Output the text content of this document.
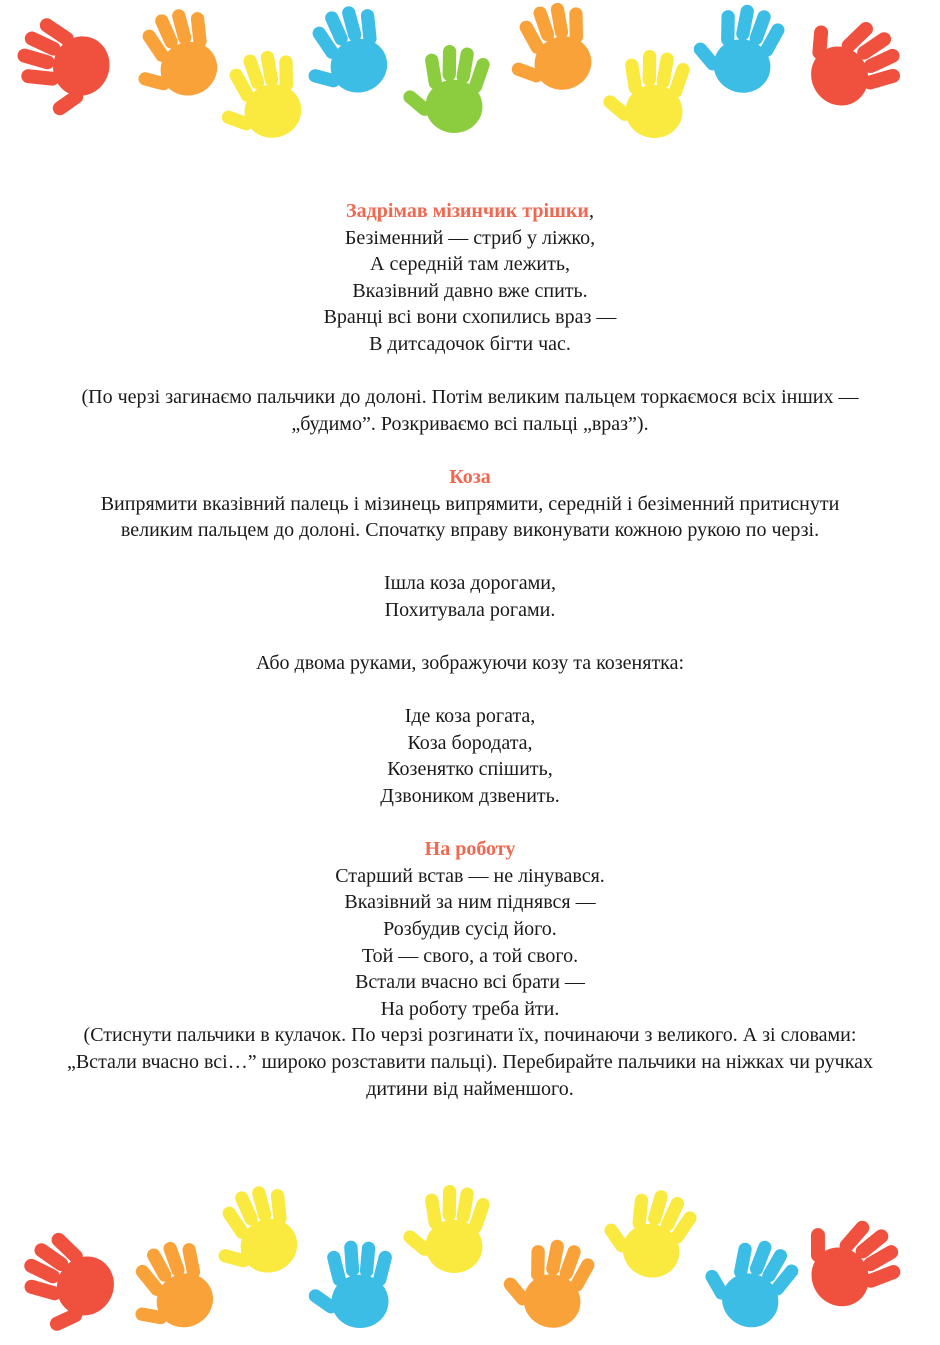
Задрімав мізинчик трішки,
Безіменний — стриб у ліжко,
А середній там лежить,
Вказівний давно вже спить.
Вранці всі вони схопились враз —
В дитсадочок бігти час.
(По черзі загинаємо пальчики до долоні. Потім великим пальцем торкаємося всіх інших — „будимо”. Розкриваємо всі пальці „враз”).
Коза
Випрямити вказівний палець і мізинець випрямити, середній і безіменний притиснути великим пальцем до долоні. Спочатку вправу виконувати кожною рукою по черзі.
Ішла коза дорогами,
Похитувала рогами.
Або двома руками, зображуючи козу та козенятка:
Іде коза рогата,
Коза бородата,
Козенятко спішить,
Дзвоником дзвенить.
На роботу
Старший встав — не лінувався.
Вказівний за ним піднявся —
Розбудив сусід його.
Той — свого, а той свого.
Встали вчасно всі брати —
На роботу треба йти.
(Стиснути пальчики в кулачок. По черзі розгинати їх, починаючи з великого. А зі словами: „Встали вчасно всі…” широко розставити пальці). Перебирайте пальчики на ніжках чи ручках дитини від найменшого.
